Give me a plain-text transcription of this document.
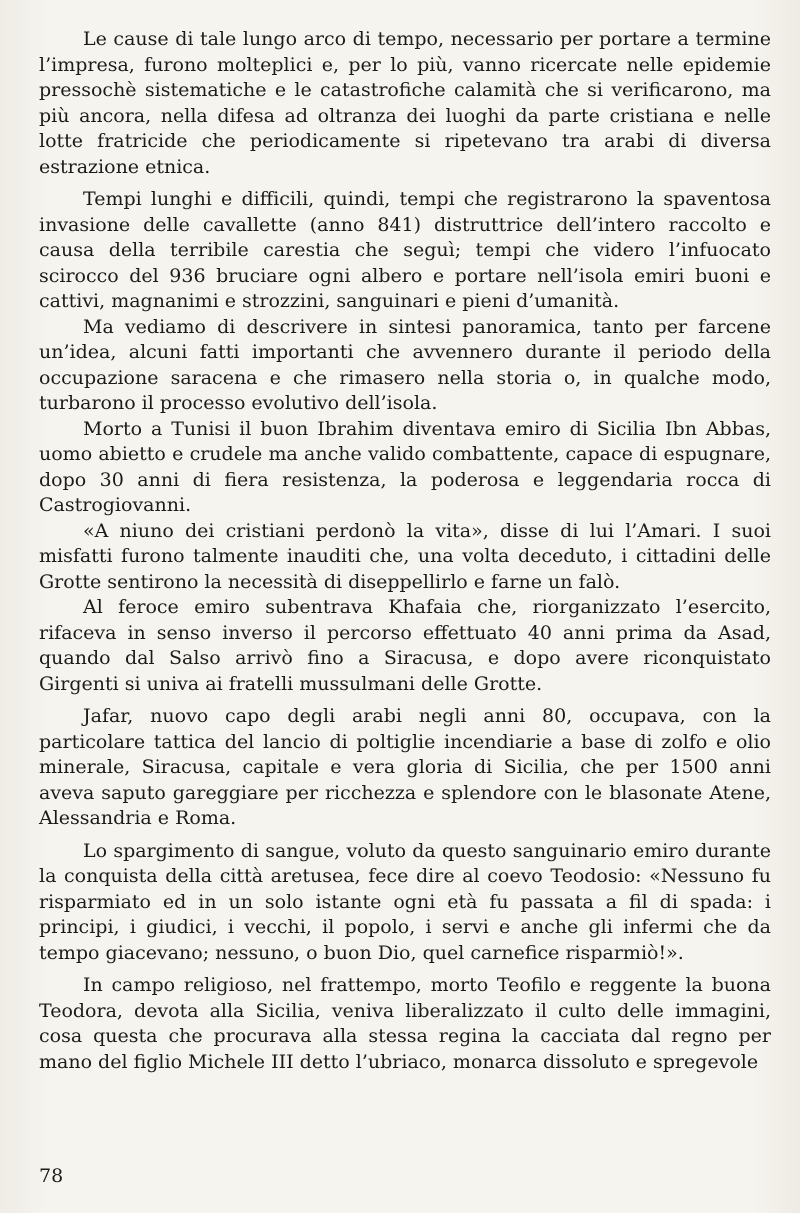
Le cause di tale lungo arco di tempo, necessario per portare a termine l’impresa, furono molteplici e, per lo più, vanno ricercate nelle epidemie pressochè sistematiche e le catastrofiche calamità che si verificarono, ma più ancora, nella difesa ad oltranza dei luoghi da parte cristiana e nelle lotte fratricide che periodicamente si ripetevano tra arabi di diversa estrazione etnica.

Tempi lunghi e difficili, quindi, tempi che registrarono la spaventosa invasione delle cavallette (anno 841) distruttrice dell’intero raccolto e causa della terribile carestia che seguì; tempi che videro l’infuocato scirocco del 936 bruciare ogni albero e portare nell’isola emiri buoni e cattivi, magnanimi e strozzini, sanguinari e pieni d’umanità.

Ma vediamo di descrivere in sintesi panoramica, tanto per farcene un’idea, alcuni fatti importanti che avvennero durante il periodo della occupazione saracena e che rimasero nella storia o, in qualche modo, turbarono il processo evolutivo dell’isola.

Morto a Tunisi il buon Ibrahim diventava emiro di Sicilia Ibn Abbas, uomo abietto e crudele ma anche valido combattente, capace di espugnare, dopo 30 anni di fiera resistenza, la poderosa e leggendaria rocca di Castrogiovanni.

«A niuno dei cristiani perdonò la vita», disse di lui l’Amari. I suoi misfatti furono talmente inauditi che, una volta deceduto, i cittadini delle Grotte sentirono la necessità di diseppellirlo e farne un falò.

Al feroce emiro subentrava Khafaia che, riorganizzato l’esercito, rifaceva in senso inverso il percorso effettuato 40 anni prima da Asad, quando dal Salso arrivò fino a Siracusa, e dopo avere riconquistato Girgenti si univa ai fratelli mussulmani delle Grotte.

Jafar, nuovo capo degli arabi negli anni 80, occupava, con la particolare tattica del lancio di poltiglie incendiarie a base di zolfo e olio minerale, Siracusa, capitale e vera gloria di Sicilia, che per 1500 anni aveva saputo gareggiare per ricchezza e splendore con le blasonate Atene, Alessandria e Roma.

Lo spargimento di sangue, voluto da questo sanguinario emiro durante la conquista della città aretusea, fece dire al coevo Teodosio: «Nessuno fu risparmiato ed in un solo istante ogni età fu passata a fil di spada: i principi, i giudici, i vecchi, il popolo, i servi e anche gli infermi che da tempo giacevano; nessuno, o buon Dio, quel carnefice risparmiò!».

In campo religioso, nel frattempo, morto Teofilo e reggente la buona Teodora, devota alla Sicilia, veniva liberalizzato il culto delle immagini, cosa questa che procurava alla stessa regina la cacciata dal regno per mano del figlio Michele III detto l’ubriaco, monarca dissoluto e spregevole

78
